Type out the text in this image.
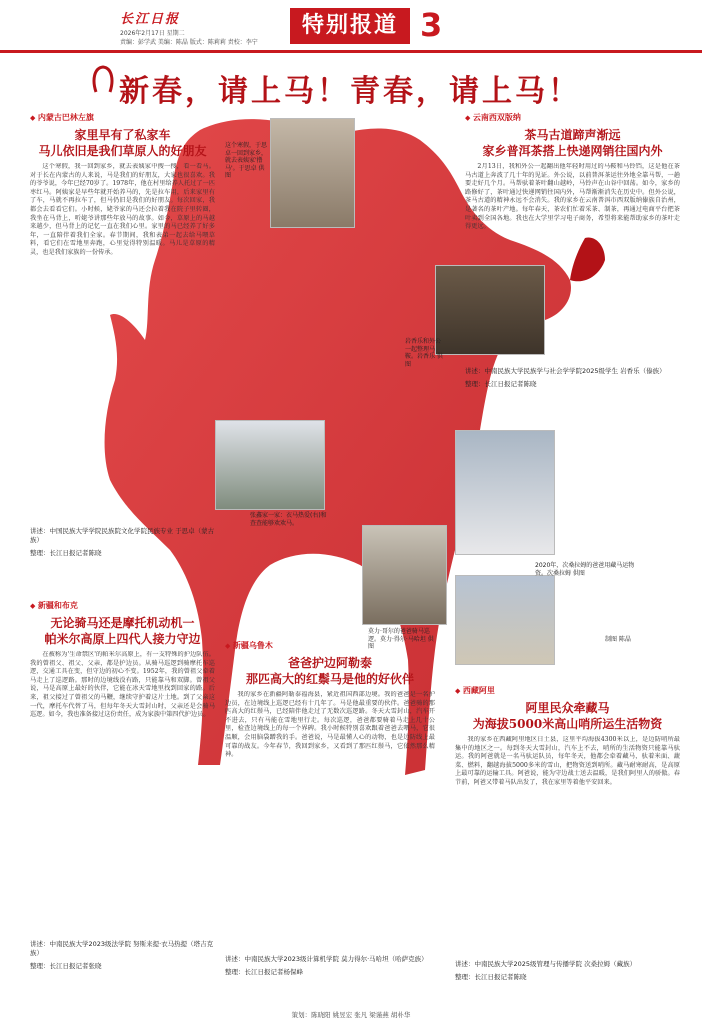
长江日报
2026年2月17日 星期二
责编：彭学武 美编：陈晶 版式：陈莉莉 责校：李宁
特别报道 3
新春，请上马！青春，请上马！
这个寒假，于思卓一回到家乡，就去表姨家'撸马'。于思卓 供图
岩香乐和外公一起整理马鞍。岩香乐 供图
张鑫家一家：衣马热爱(右)和查查能够欢欢马。
莫力·哥尔的爸爸骑马巡逻。莫力·得尔·马哈坦 供图
2020年，次桑拉姆的爸爸用藏马运物资。次桑拉姆 供图
制图 陈晶
◆ 内蒙古巴林左旗
家里早有了私家车
马儿依旧是我们草原人的好朋友
这个寒假，我一回到家乡，就去表姨家中搜一搜，看一看马。对于长在内蒙古的人来说，马是我们的好朋友，大家也很喜欢。我的爷爷说，今年已经70岁了。1978年，他在村里给养人托过了一匹枣红马。阿姨家是早些年就开始养马的，先是拉车用，后来家里有了车，马就不再拉车了，但马仍旧是我们的好朋友。每次回家，我都会去看看它们。小时候，姥爷家的马还会拉着我在院子里转圈，我坐在马背上，听姥爷讲那些年放马的故事。如今，草原上的马越来越少，但马背上的记忆一直在我们心里。家里的马已经养了好多年，一直陪伴着我们全家。春节期间，我和表弟一起去给马喂草料，看它们在雪地里奔跑，心里觉得特别温暖。马儿是草原的精灵，也是我们家族的一份传承。
讲述：中国民族大学学院民族院文化学院民族专业 于思卓（蒙古族）
整理：长江日报记者陈晓
◆ 新疆和布克
无论骑马还是摩托机动机一
帕米尔高原上四代人接力守边
在被称为'生命禁区'的帕米尔高原上，有一支特殊的护边队伍。我的曾祖父、祖父、父亲，都是护边员。从骑马巡逻到骑摩托车巡逻，交通工具在变，但守边的初心不变。1952年，我的曾祖父牵着马走上了巡逻路。那时的边境线没有路，只能靠马和双脚。曾祖父说，马是高原上最好的伙伴，它能在冰天雪地里找到回家的路。后来，祖父接过了曾祖父的马鞭，继续守护着这片土地。到了父亲这一代，摩托车代替了马，但每年冬天大雪封山时，父亲还是会骑马巡逻。如今，我也准备接过这份责任，成为家族中第四代护边员。
讲述：中南民族大学2023级法学院 努斯来提·衣马热提（塔吉克族）
整理：长江日报记者张晓
◆ 云南西双版纳
茶马古道蹄声渐远
家乡普洱茶搭上快递网销往国内外
2月13日，我和外公一起翻出他年轻时用过的马鞍和马铃铛，这是他在茶马古道上奔波了几十年的见证。外公说，以前普洱茶运往外地全靠马帮，一趟要走好几个月。马帮驮着茶叶翻山越岭，马铃声在山谷中回荡。如今，家乡的路修好了，茶叶通过快递网销往国内外，马帮渐渐消失在历史中。但外公说，茶马古道的精神永远不会消失。我的家乡在云南普洱市西双版纳傣族自治州，是著名的茶叶产地。每年春天，茶农们忙着采茶、制茶，再通过电商平台把茶叶卖到全国各地。我也在大学里学习电子商务，希望将来能帮助家乡的茶叶走得更远。
讲述：中南民族大学民族学与社会学学院2025级学生 岩香乐（傣族）
整理：长江日报记者陈晓
◆ 新疆乌鲁木
爸爸护边阿勒泰
那匹高大的红鬃马是他的好伙伴
我的家乡在新疆阿勒泰福海县，紧近祖国西部边境。我的爸爸是一名护边员，在边境线上巡逻已经有十几年了。马是他最重要的伙伴。爸爸骑的那匹高大的红鬃马，已经陪伴他走过了无数次巡逻路。冬天大雪封山，汽车开不进去，只有马能在雪地里行走。每次巡逻，爸爸都要骑着马走上几十公里，检查边境线上的每一个界碑。我小时候特别喜欢跟着爸爸去喂马，它很温顺，会用脑袋蹭我的手。爸爸说，马是最懂人心的动物，也是边防线上最可靠的战友。今年春节，我回到家乡，又看到了那匹红鬃马，它依然那么精神。
讲述：中南民族大学2023级计算机学院 莫力得尔·马哈坦（哈萨克族）
整理：长江日报记者杨保峰
◆ 西藏阿里
阿里民众牵藏马
为海拔5000米高山哨所运生活物资
我的家乡在西藏阿里地区日土县，这里平均海拔4300米以上，是边防哨所最集中的地区之一。每到冬天大雪封山，汽车上不去，哨所的生活物资只能靠马驮运。我的阿爸就是一名马驮运队员，每年冬天，他都会牵着藏马，驮着米面、蔬菜、燃料，翻越海拔5000多米的雪山，把物资送到哨所。藏马耐寒耐高，是高原上最可靠的运输工具。阿爸说，能为守边战士送去温暖，是我们阿里人的骄傲。春节前，阿爸又带着马队出发了，我在家里等着他平安回来。
讲述：中南民族大学2025级管理与传播学院 次桑拉姆（藏族）
整理：长江日报记者陈晓
策划：陈晓阳 姚昱宏 张凡 梁谨燕 胡朴华
